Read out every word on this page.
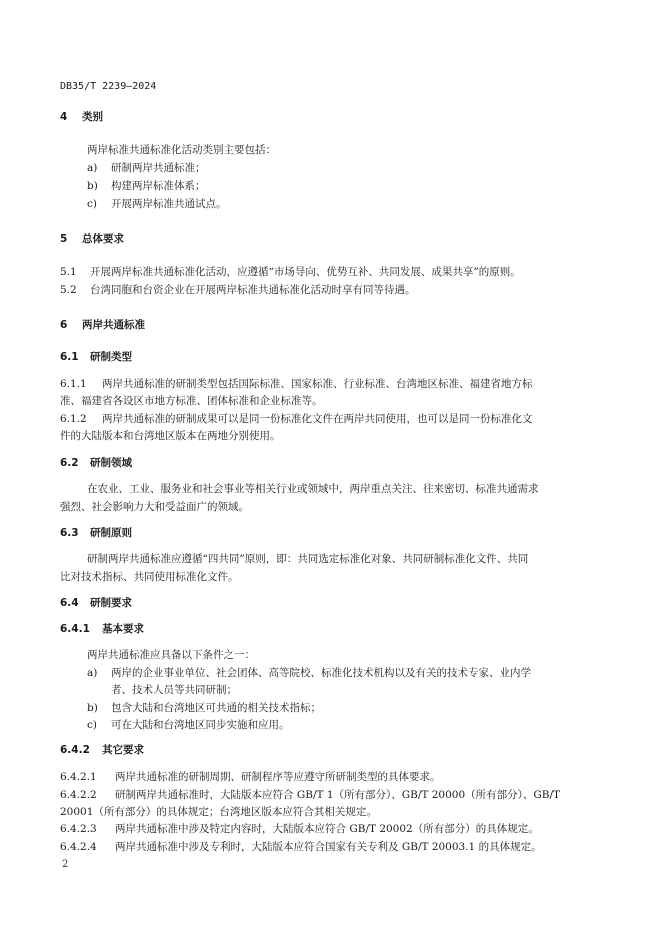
DB35/T 2239—2024
4 类别
两岸标准共通标准化活动类别主要包括：
a) 研制两岸共通标准；
b) 构建两岸标准体系；
c) 开展两岸标准共通试点。
5 总体要求
5.1 开展两岸标准共通标准化活动，应遵循“市场导向、优势互补、共同发展、成果共享”的原则。
5.2 台湾同胞和台资企业在开展两岸标准共通标准化活动时享有同等待遇。
6 两岸共通标准
6.1 研制类型
6.1.1 两岸共通标准的研制类型包括国际标准、国家标准、行业标准、台湾地区标准、福建省地方标
准、福建省各设区市地方标准、团体标准和企业标准等。
6.1.2 两岸共通标准的研制成果可以是同一份标准化文件在两岸共同使用，也可以是同一份标准化文
件的大陆版本和台湾地区版本在两地分别使用。
6.2 研制领域
在农业、工业、服务业和社会事业等相关行业或领域中，两岸重点关注、往来密切、标准共通需求
强烈、社会影响力大和受益面广的领域。
6.3 研制原则
研制两岸共通标准应遵循“四共同”原则，即：共同选定标准化对象、共同研制标准化文件、共同
比对技术指标、共同使用标准化文件。
6.4 研制要求
6.4.1 基本要求
两岸共通标准应具备以下条件之一：
a) 两岸的企业事业单位、社会团体、高等院校、标准化技术机构以及有关的技术专家、业内学
者、技术人员等共同研制；
b) 包含大陆和台湾地区可共通的相关技术指标；
c) 可在大陆和台湾地区同步实施和应用。
6.4.2 其它要求
6.4.2.1 两岸共通标准的研制周期、研制程序等应遵守所研制类型的具体要求。
6.4.2.2 研制两岸共通标准时，大陆版本应符合 GB/T 1（所有部分）、GB/T 20000（所有部分）、GB/T
20001（所有部分）的具体规定；台湾地区版本应符合其相关规定。
6.4.2.3 两岸共通标准中涉及特定内容时，大陆版本应符合 GB/T 20002（所有部分）的具体规定。
6.4.2.4 两岸共通标准中涉及专利时，大陆版本应符合国家有关专利及 GB/T 20003.1 的具体规定。
2
